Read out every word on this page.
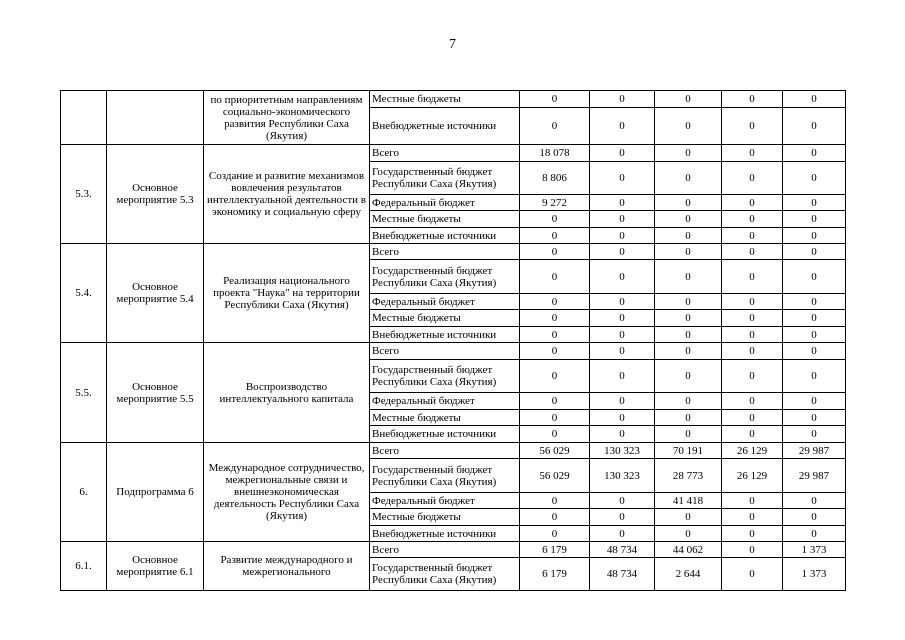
7
		по приоритетным направлениям социально-экономического развития Республики Саха (Якутия)	Местные бюджеты	0	0	0	0	0
			Внебюджетные источники	0	0	0	0	0
5.3.	Основное мероприятие 5.3	Создание и развитие механизмов вовлечения результатов интеллектуальной деятельности в экономику и социальную сферу	Всего	18 078	0	0	0	0
			Государственный бюджет Республики Саха (Якутия)	8 806	0	0	0	0
			Федеральный бюджет	9 272	0	0	0	0
			Местные бюджеты	0	0	0	0	0
			Внебюджетные источники	0	0	0	0	0
5.4.	Основное мероприятие 5.4	Реализация национального проекта "Наука" на территории Республики Саха (Якутия)	Всего	0	0	0	0	0
			Государственный бюджет Республики Саха (Якутия)	0	0	0	0	0
			Федеральный бюджет	0	0	0	0	0
			Местные бюджеты	0	0	0	0	0
			Внебюджетные источники	0	0	0	0	0
5.5.	Основное мероприятие 5.5	Воспроизводство интеллектуального капитала	Всего	0	0	0	0	0
			Государственный бюджет Республики Саха (Якутия)	0	0	0	0	0
			Федеральный бюджет	0	0	0	0	0
			Местные бюджеты	0	0	0	0	0
			Внебюджетные источники	0	0	0	0	0
6.	Подпрограмма 6	Международное сотрудничество, межрегиональные связи и внешнеэкономическая деятельность Республики Саха (Якутия)	Всего	56 029	130 323	70 191	26 129	29 987
			Государственный бюджет Республики Саха (Якутия)	56 029	130 323	28 773	26 129	29 987
			Федеральный бюджет	0	0	41 418	0	0
			Местные бюджеты	0	0	0	0	0
			Внебюджетные источники	0	0	0	0	0
6.1.	Основное мероприятие 6.1	Развитие международного и межрегионального	Всего	6 179	48 734	44 062	0	1 373
			Государственный бюджет Республики Саха (Якутия)	6 179	48 734	2 644	0	1 373
